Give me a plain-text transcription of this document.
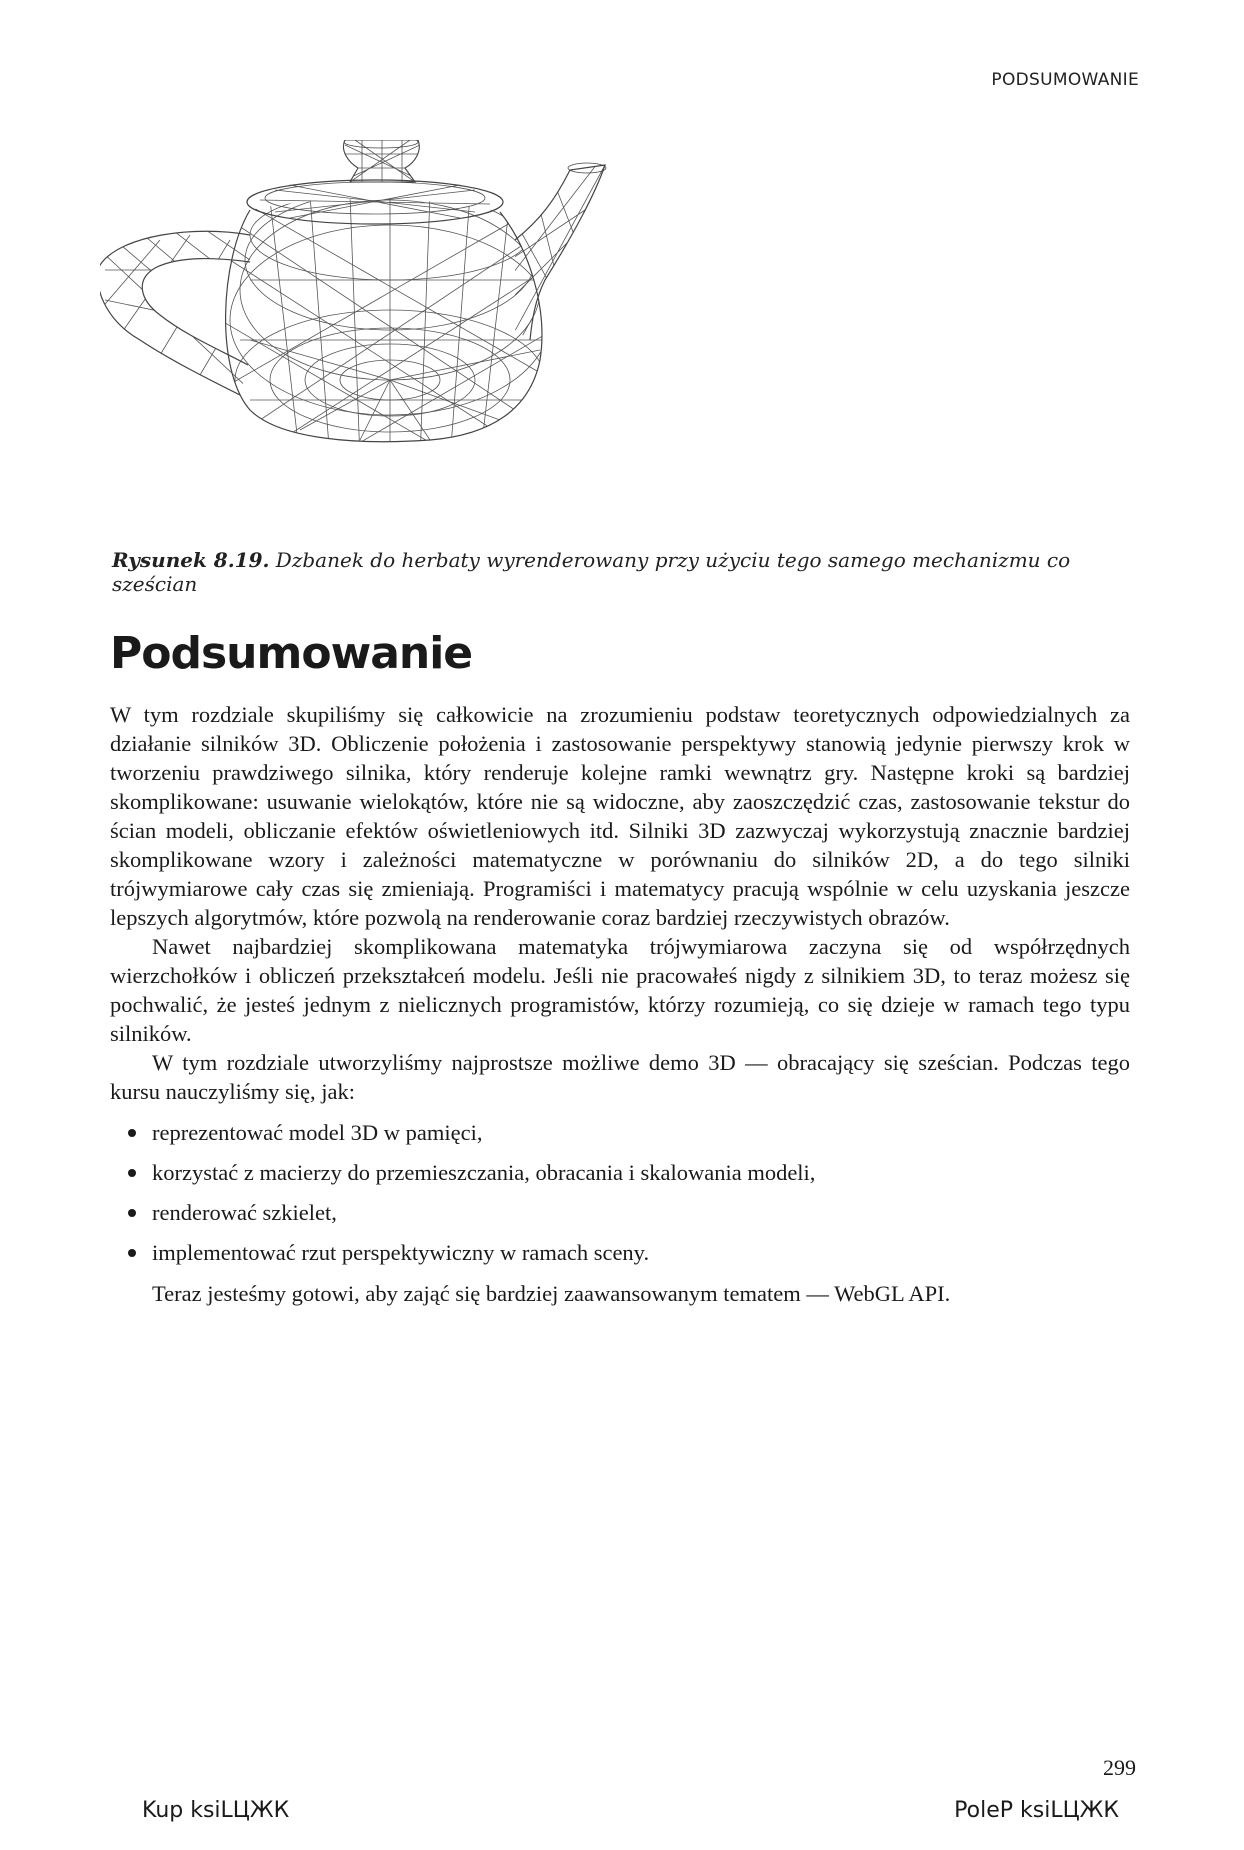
PODSUMOWANIE
Rysunek 8.19. Dzbanek do herbaty wyrenderowany przy użyciu tego samego mechanizmu co sześcian
Podsumowanie

W tym rozdziale skupiliśmy się całkowicie na zrozumieniu podstaw teoretycznych odpowiedzialnych za działanie silników 3D. Obliczenie położenia i zastosowanie perspektywy stanowią jedynie pierwszy krok w tworzeniu prawdziwego silnika, który renderuje kolejne ramki wewnątrz gry. Następne kroki są bardziej skomplikowane: usuwanie wielokątów, które nie są widoczne, aby zaoszczędzić czas, zastosowanie tekstur do ścian modeli, obliczanie efektów oświetleniowych itd. Silniki 3D zazwyczaj wykorzystują znacznie bardziej skomplikowane wzory i zależności matematyczne w porównaniu do silników 2D, a do tego silniki trójwymiarowe cały czas się zmieniają. Programiści i matematycy pracują wspólnie w celu uzyskania jeszcze lepszych algorytmów, które pozwolą na renderowanie coraz bardziej rzeczywistych obrazów.

Nawet najbardziej skomplikowana matematyka trójwymiarowa zaczyna się od współrzędnych wierzchołków i obliczeń przekształceń modelu. Jeśli nie pracowałeś nigdy z silnikiem 3D, to teraz możesz się pochwalić, że jesteś jednym z nielicznych programistów, którzy rozumieją, co się dzieje w ramach tego typu silników.

W tym rozdziale utworzyliśmy najprostsze możliwe demo 3D — obracający się sześcian. Podczas tego kursu nauczyliśmy się, jak:

reprezentować model 3D w pamięci,
korzystać z macierzy do przemieszczania, obracania i skalowania modeli,
renderować szkielet,
implementować rzut perspektywiczny w ramach sceny.

Teraz jesteśmy gotowi, aby zająć się bardziej zaawansowanym tematem — WebGL API.

299
Kup ksiLЦЖК	PoleP ksiLЦЖК
